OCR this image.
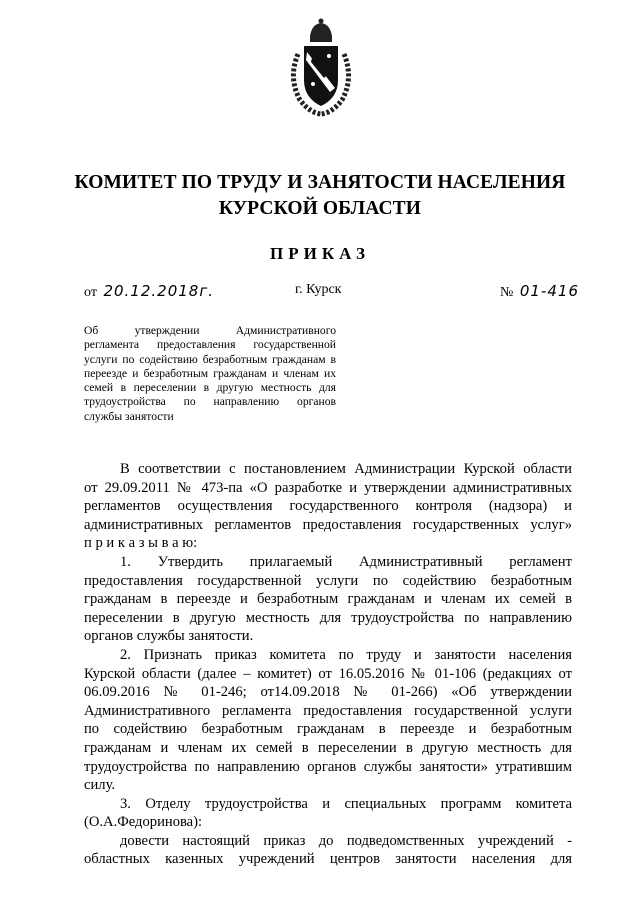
КОМИТЕТ ПО ТРУДУ И ЗАНЯТОСТИ НАСЕЛЕНИЯ
КУРСКОЙ ОБЛАСТИ
ПРИКАЗ
от 20.12.2018г.	г. Курск	№ 01-416
Об утверждении Административного
регламента предоставления государственной
услуги по содействию безработным гражданам в
переезде и безработным гражданам и членам их
семей в переселении в другую местность для
трудоустройства по направлению органов
службы занятости
В соответствии с постановлением Администрации Курской области
от 29.09.2011 № 473-па «О разработке и утверждении административных
регламентов осуществления государственного контроля (надзора) и
административных регламентов предоставления государственных услуг»
п р и к а з ы в а ю:
1. Утвердить прилагаемый Административный регламент
предоставления государственной услуги по содействию безработным
гражданам в переезде и безработным гражданам и членам их семей в
переселении в другую местность для трудоустройства по направлению
органов службы занятости.
2. Признать приказ комитета по труду и занятости населения
Курской области (далее – комитет) от 16.05.2016 № 01-106 (редакциях от
06.09.2016 № 01-246; от14.09.2018 № 01-266) «Об утверждении
Административного регламента предоставления государственной услуги
по содействию безработным гражданам в переезде и безработным
гражданам и членам их семей в переселении в другую местность для
трудоустройства по направлению органов службы занятости» утратившим
силу.
3. Отделу трудоустройства и специальных программ комитета
(О.А.Федоринова):
довести настоящий приказ до подведомственных учреждений -
областных казенных учреждений центров занятости населения для
